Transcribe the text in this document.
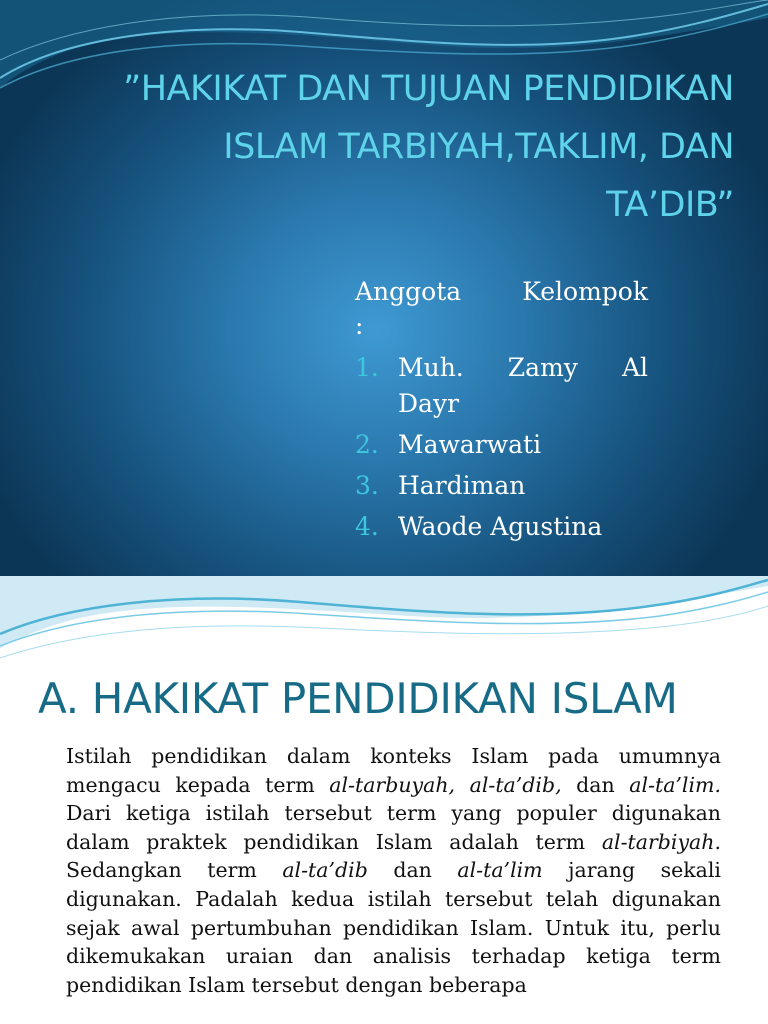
”HAKIKAT DAN TUJUAN PENDIDIKAN
ISLAM TARBIYAH,TAKLIM, DAN
TA’DIB”
Anggota Kelompok
:
1. Muh. Zamy Al
Dayr
2. Mawarwati
3. Hardiman
4. Waode Agustina
A. HAKIKAT PENDIDIKAN ISLAM
Istilah pendidikan dalam konteks Islam pada umumnya mengacu kepada term al-tarbuyah, al-ta’dib, dan al-ta’lim. Dari ketiga istilah tersebut term yang populer digunakan dalam praktek pendidikan Islam adalah term al-tarbiyah. Sedangkan term al-ta’dib dan al-ta’lim jarang sekali digunakan. Padalah kedua istilah tersebut telah digunakan sejak awal pertumbuhan pendidikan Islam. Untuk itu, perlu dikemukakan uraian dan analisis terhadap ketiga term pendidikan Islam tersebut dengan beberapa
